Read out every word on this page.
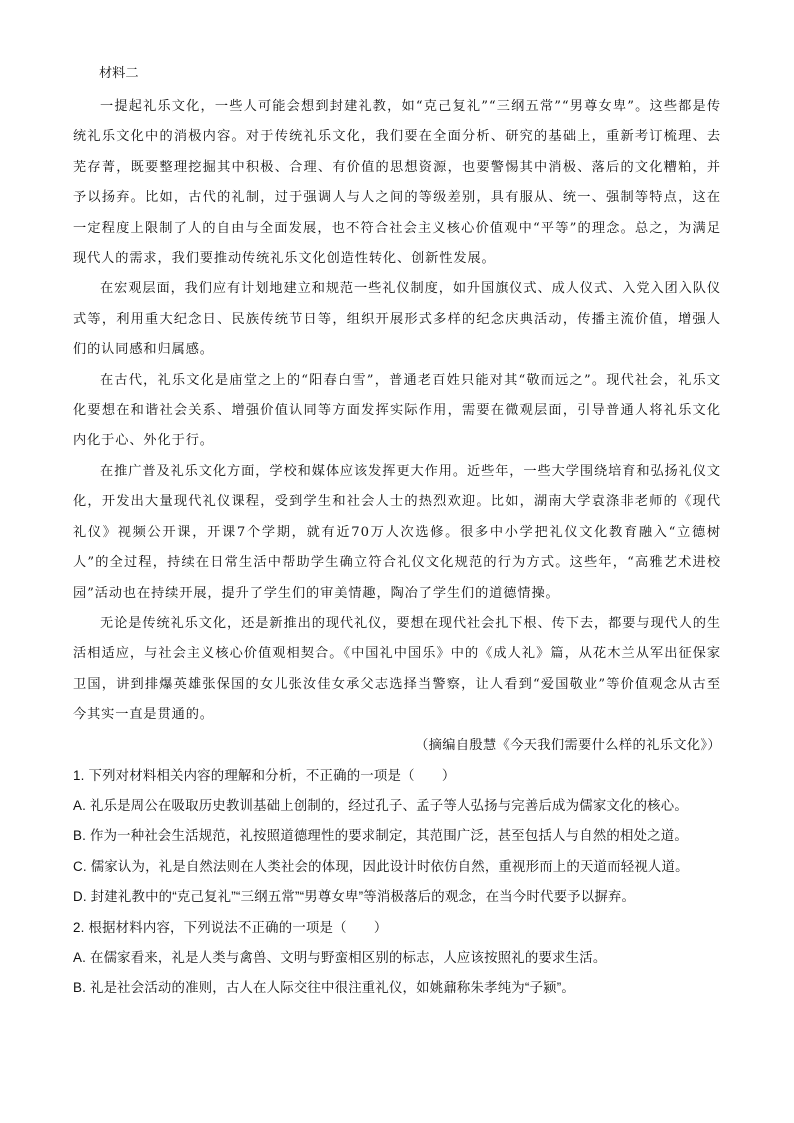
材料二

一提起礼乐文化，一些人可能会想到封建礼教，如“克己复礼”“三纲五常”“男尊女卑”。这些都是传统礼乐文化中的消极内容。对于传统礼乐文化，我们要在全面分析、研究的基础上，重新考订梳理、去芜存菁，既要整理挖掘其中积极、合理、有价值的思想资源，也要警惕其中消极、落后的文化糟粕，并予以扬弃。比如，古代的礼制，过于强调人与人之间的等级差别，具有服从、统一、强制等特点，这在一定程度上限制了人的自由与全面发展，也不符合社会主义核心价值观中“平等”的理念。总之，为满足现代人的需求，我们要推动传统礼乐文化创造性转化、创新性发展。

在宏观层面，我们应有计划地建立和规范一些礼仪制度，如升国旗仪式、成人仪式、入党入团入队仪式等，利用重大纪念日、民族传统节日等，组织开展形式多样的纪念庆典活动，传播主流价值，增强人们的认同感和归属感。

在古代，礼乐文化是庙堂之上的“阳春白雪”，普通老百姓只能对其“敬而远之”。现代社会，礼乐文化要想在和谐社会关系、增强价值认同等方面发挥实际作用，需要在微观层面，引导普通人将礼乐文化内化于心、外化于行。

在推广普及礼乐文化方面，学校和媒体应该发挥更大作用。近些年，一些大学围绕培育和弘扬礼仪文化，开发出大量现代礼仪课程，受到学生和社会人士的热烈欢迎。比如，湖南大学袁涤非老师的《现代礼仪》视频公开课，开课7个学期，就有近70万人次选修。很多中小学把礼仪文化教育融入“立德树人”的全过程，持续在日常生活中帮助学生确立符合礼仪文化规范的行为方式。这些年，“高雅艺术进校园”活动也在持续开展，提升了学生们的审美情趣，陶冶了学生们的道德情操。

无论是传统礼乐文化，还是新推出的现代礼仪，要想在现代社会扎下根、传下去，都要与现代人的生活相适应，与社会主义核心价值观相契合。《中国礼中国乐》中的《成人礼》篇，从花木兰从军出征保家卫国，讲到排爆英雄张保国的女儿张汝佳女承父志选择当警察，让人看到“爱国敬业”等价值观念从古至今其实一直是贯通的。

（摘编自殷慧《今天我们需要什么样的礼乐文化》）

1. 下列对材料相关内容的理解和分析，不正确的一项是（　　）

A. 礼乐是周公在吸取历史教训基础上创制的，经过孔子、孟子等人弘扬与完善后成为儒家文化的核心。

B. 作为一种社会生活规范，礼按照道德理性的要求制定，其范围广泛，甚至包括人与自然的相处之道。

C. 儒家认为，礼是自然法则在人类社会的体现，因此设计时依仿自然，重视形而上的天道而轻视人道。

D. 封建礼教中的“克己复礼”“三纲五常”“男尊女卑”等消极落后的观念，在当今时代要予以摒弃。

2. 根据材料内容，下列说法不正确的一项是（　　）

A. 在儒家看来，礼是人类与禽兽、文明与野蛮相区别的标志，人应该按照礼的要求生活。

B. 礼是社会活动的准则，古人在人际交往中很注重礼仪，如姚鼐称朱孝纯为“子颍”。
